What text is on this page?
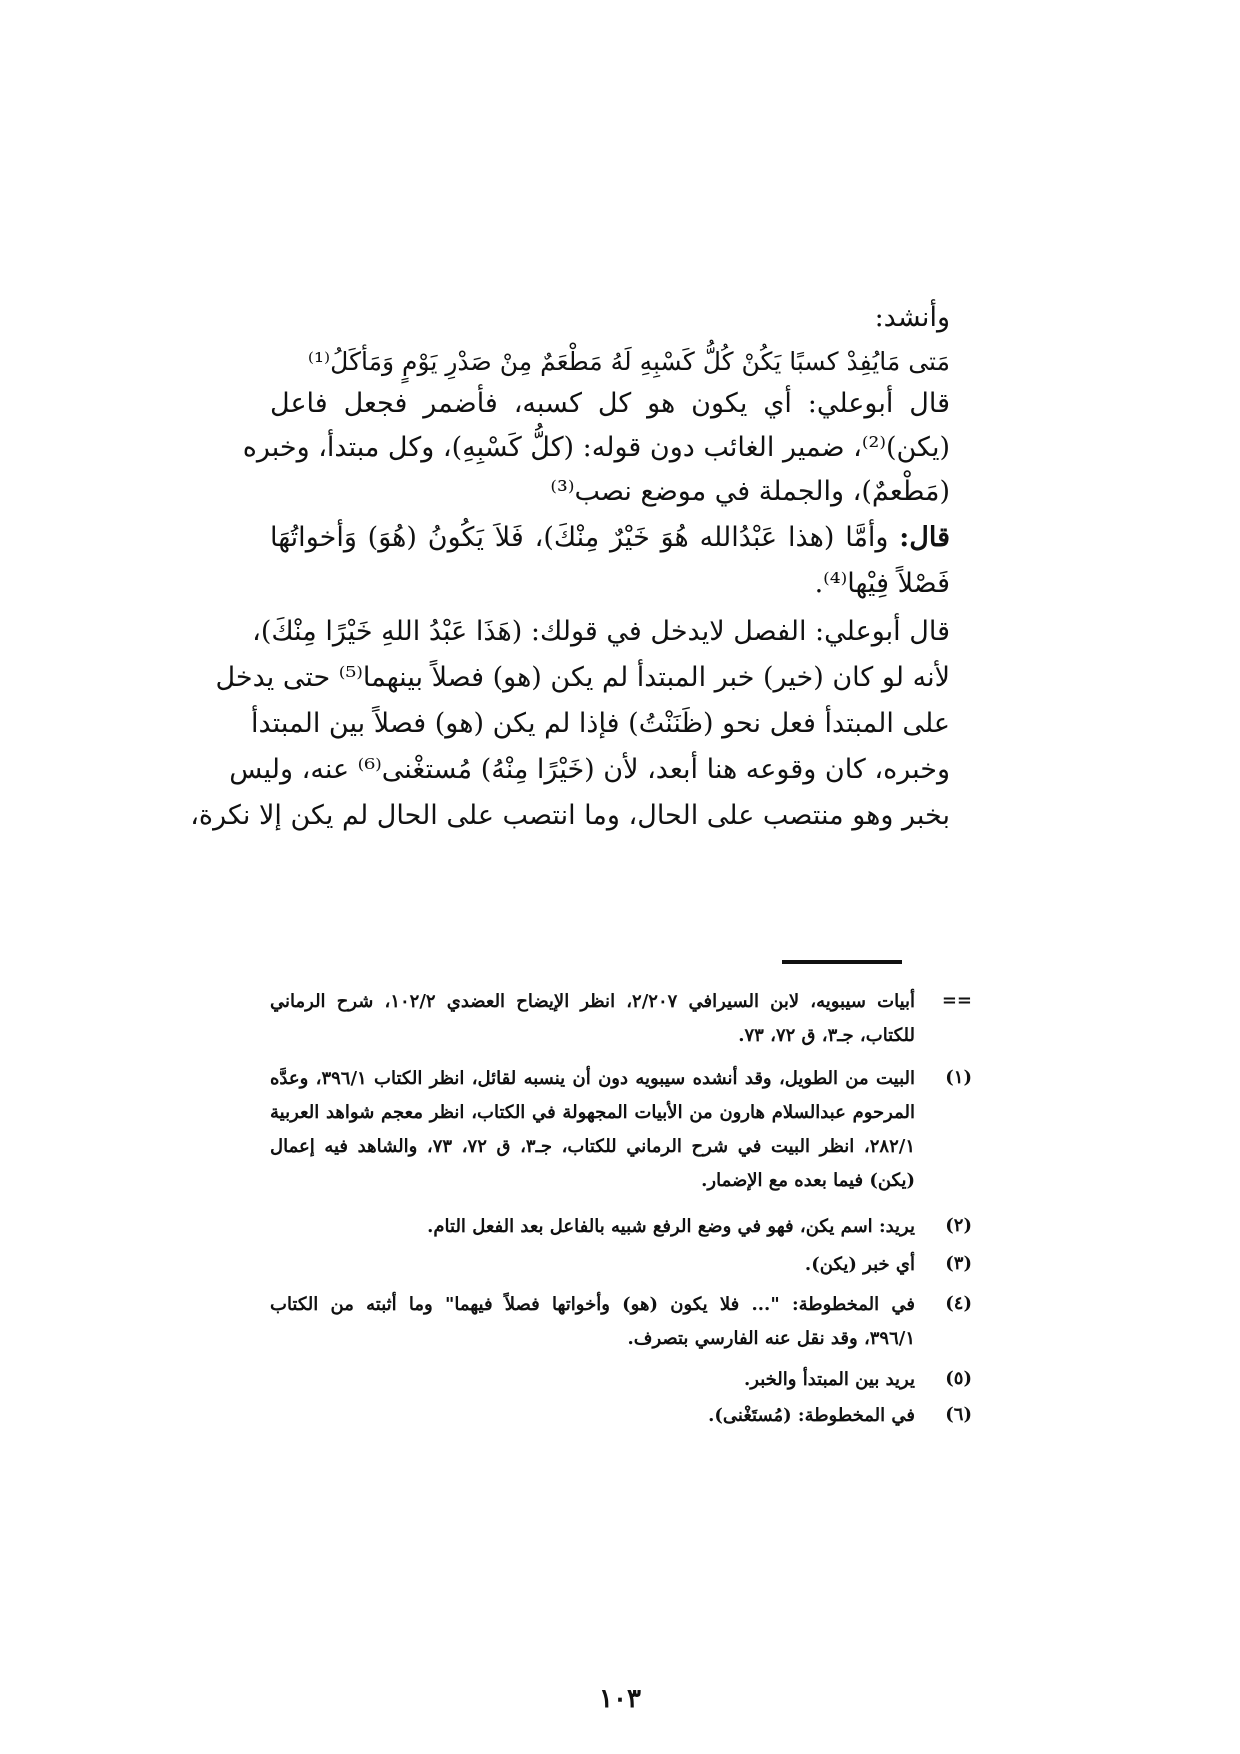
وأنشد:
مَتى مَايُفِدْ كسبًا يَكُنْ كُلُّ كَسْبِهِ لَهُ مَطْعَمٌ مِنْ صَدْرِ يَوْمٍ وَمَأكَلُ⁽¹⁾
قال أبوعلي: أي يكون هو كل كسبه، فأضمر فجعل فاعل
(يكن)⁽²⁾، ضمير الغائب دون قوله: (كلُّ كَسْبِهِ)، وكل مبتدأ، وخبره
(مَطْعمٌ)، والجملة في موضع نصب⁽³⁾
قال: وأمَّا (هذا عَبْدُالله هُوَ خَيْرٌ مِنْكَ)، فَلاَ يَكُونُ (هُوَ) وَأخواتُهَا
فَصْلاً فِيْها⁽⁴⁾.
قال أبوعلي: الفصل لايدخل في قولك: (هَذَا عَبْدُ اللهِ خَيْرًا مِنْكَ)،
لأنه لو كان (خير) خبر المبتدأ لم يكن (هو) فصلاً بينهما⁽⁵⁾ حتى يدخل
على المبتدأ فعل نحو (ظَنَنْتُ) فإذا لم يكن (هو) فصلاً بين المبتدأ
وخبره، كان وقوعه هنا أبعد، لأن (خَيْرًا مِنْهُ) مُستغْنى⁽⁶⁾ عنه، وليس
بخبر وهو منتصب على الحال، وما انتصب على الحال لم يكن إلا نكرة،
==
أبيات سيبويه، لابن السيرافي ٢/٢٠٧، انظر الإيضاح العضدي ١٠٢/٢، شرح الرماني
للكتاب، جـ٣، ق ٧٢، ٧٣.
(١)
البيت من الطويل، وقد أنشده سيبويه دون أن ينسبه لقائل، انظر الكتاب ٣٩٦/١، وعدَّه
المرحوم عبدالسلام هارون من الأبيات المجهولة في الكتاب، انظر معجم شواهد العربية
٢٨٢/١، انظر البيت في شرح الرماني للكتاب، جـ٣، ق ٧٢، ٧٣، والشاهد فيه إعمال
(يكن) فيما بعده مع الإضمار.
(٢)
يريد: اسم يكن، فهو في وضع الرفع شبيه بالفاعل بعد الفعل التام.
(٣)
أي خبر (يكن).
(٤)
في المخطوطة: "... فلا يكون (هو) وأخواتها فصلاً فيهما" وما أثبته من الكتاب
٣٩٦/١، وقد نقل عنه الفارسي بتصرف.
(٥)
يريد بين المبتدأ والخبر.
(٦)
في المخطوطة: (مُستَغْنى).
١٠٣
